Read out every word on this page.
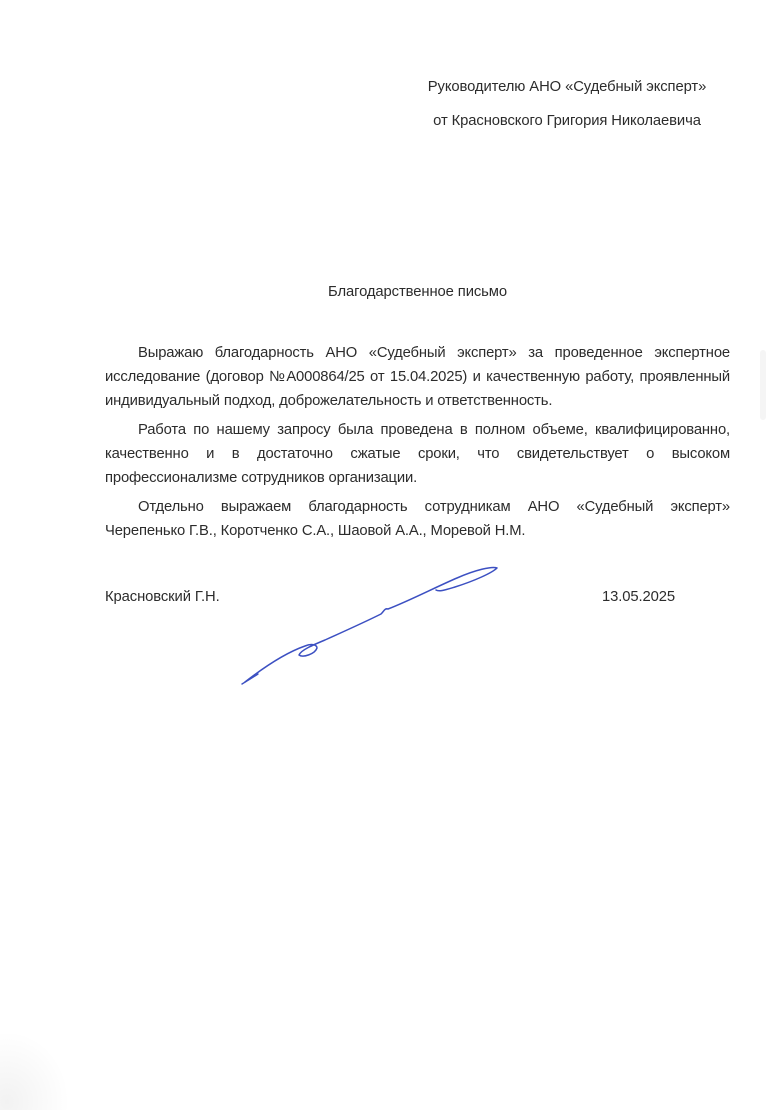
Руководителю АНО «Судебный эксперт»
от Красновского Григория Николаевича
Благодарственное письмо

Выражаю благодарность АНО «Судебный эксперт» за проведенное экспертное исследование (договор №А000864/25 от 15.04.2025) и качественную работу, проявленный индивидуальный подход, доброжелательность и ответственность.

Работа по нашему запросу была проведена в полном объеме, квалифицированно, качественно и в достаточно сжатые сроки, что свидетельствует о высоком профессионализме сотрудников организации.

Отдельно выражаем благодарность сотрудникам АНО «Судебный эксперт» Черепенько Г.В., Коротченко С.А., Шаовой А.А., Моревой Н.М.

Красновский Г.Н.	13.05.2025
